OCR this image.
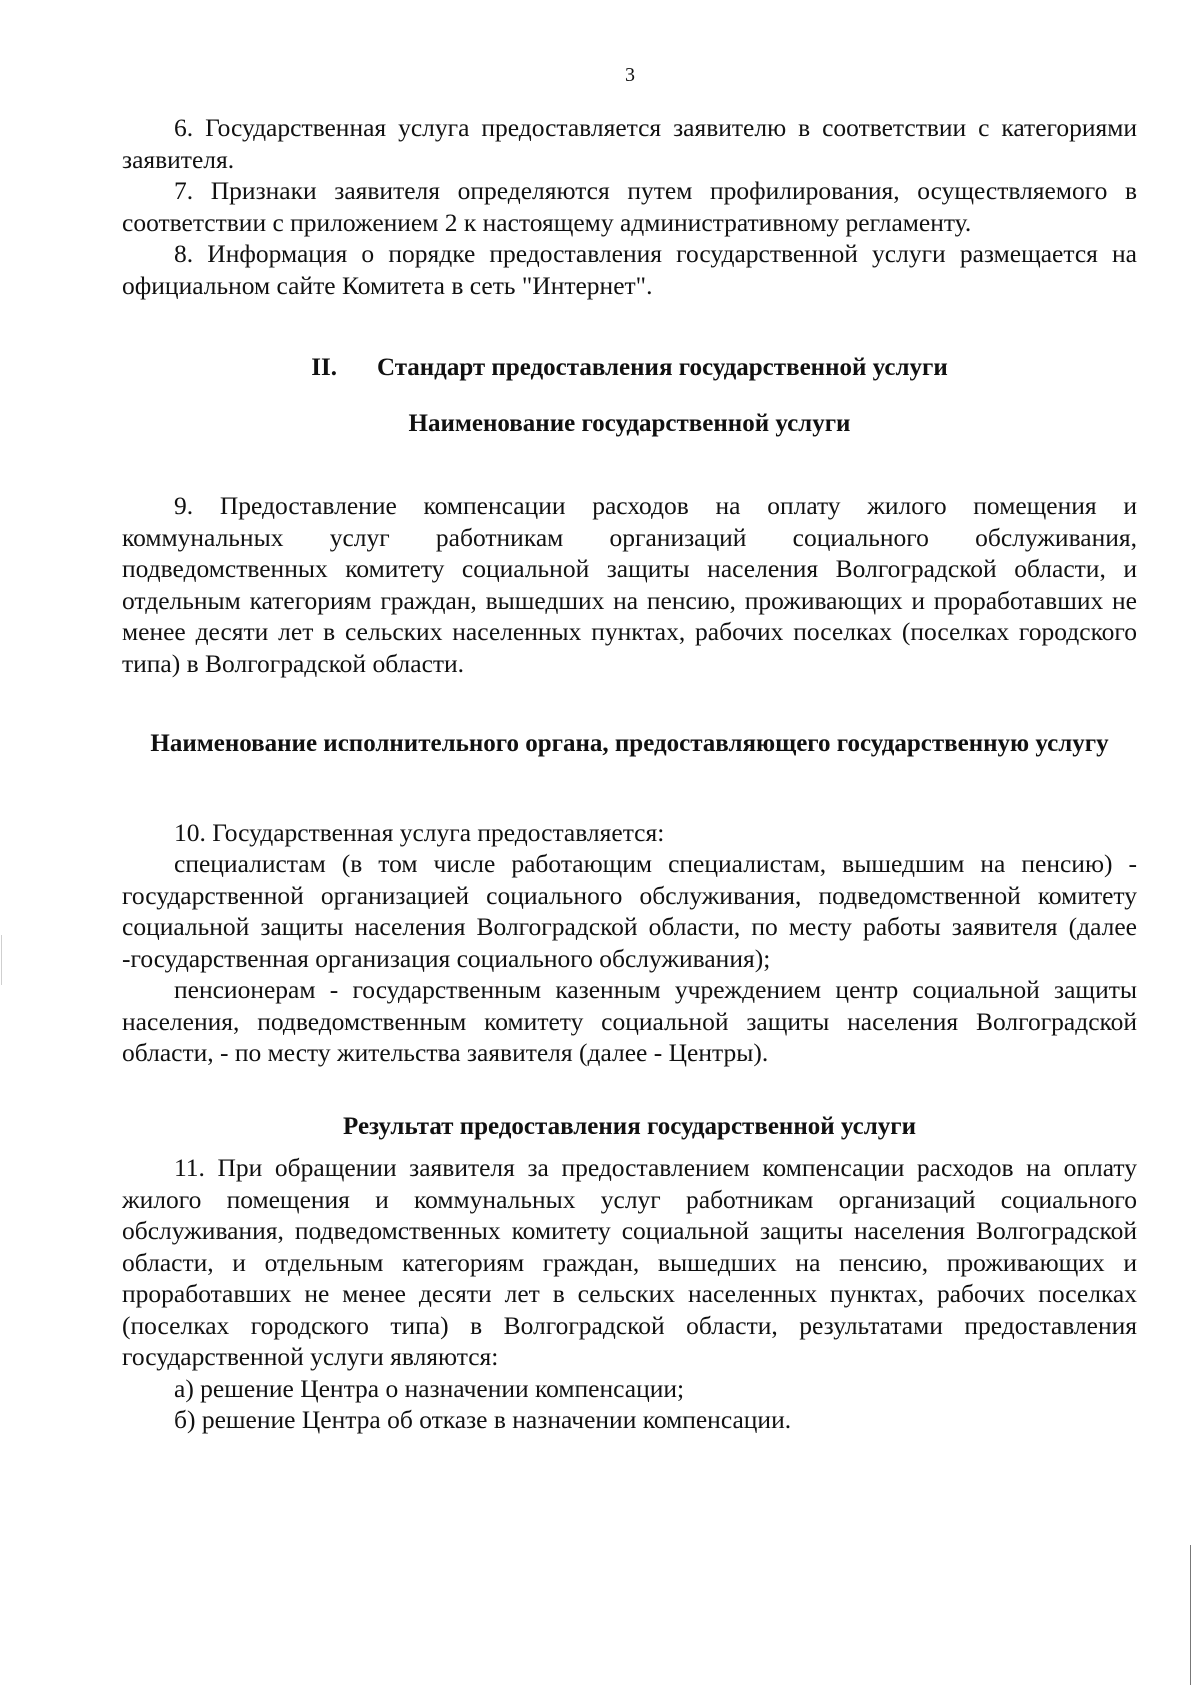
3

6. Государственная услуга предоставляется заявителю в соответствии с категориями заявителя.

7. Признаки заявителя определяются путем профилирования, осуществляемого в соответствии с приложением 2 к настоящему административному регламенту.

8. Информация о порядке предоставления государственной услуги размещается на официальном сайте Комитета в сеть "Интернет".

II. Стандарт предоставления государственной услуги

Наименование государственной услуги

9. Предоставление компенсации расходов на оплату жилого помещения и коммунальных услуг работникам организаций социального обслуживания, подведомственных комитету социальной защиты населения Волгоградской области, и отдельным категориям граждан, вышедших на пенсию, проживающих и проработавших не менее десяти лет в сельских населенных пунктах, рабочих поселках (поселках городского типа) в Волгоградской области.

Наименование исполнительного органа, предоставляющего государственную услугу

10. Государственная услуга предоставляется:

специалистам (в том числе работающим специалистам, вышедшим на пенсию) - государственной организацией социального обслуживания, подведомственной комитету социальной защиты населения Волгоградской области, по месту работы заявителя (далее -государственная организация социального обслуживания);

пенсионерам - государственным казенным учреждением центр социальной защиты населения, подведомственным комитету социальной защиты населения Волгоградской области, - по месту жительства заявителя (далее - Центры).

Результат предоставления государственной услуги

11. При обращении заявителя за предоставлением компенсации расходов на оплату жилого помещения и коммунальных услуг работникам организаций социального обслуживания, подведомственных комитету социальной защиты населения Волгоградской области, и отдельным категориям граждан, вышедших на пенсию, проживающих и проработавших не менее десяти лет в сельских населенных пунктах, рабочих поселках (поселках городского типа) в Волгоградской области, результатами предоставления государственной услуги являются:

а) решение Центра о назначении компенсации;

б) решение Центра об отказе в назначении компенсации.
